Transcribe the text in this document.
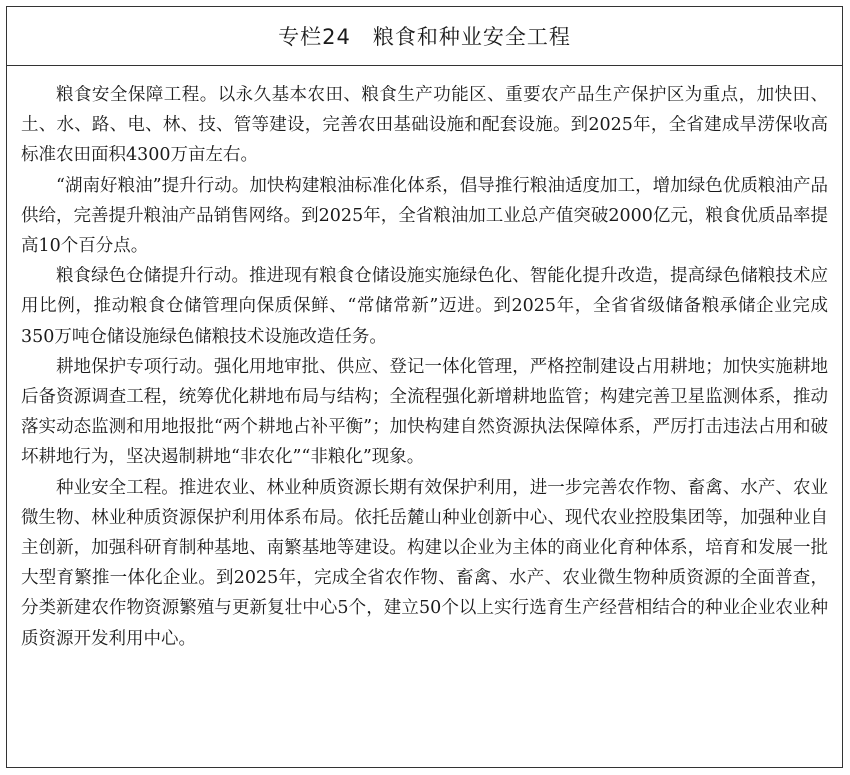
专栏24 粮食和种业安全工程

粮食安全保障工程。以永久基本农田、粮食生产功能区、重要农产品生产保护区为重点，加快田、土、水、路、电、林、技、管等建设，完善农田基础设施和配套设施。到2025年，全省建成旱涝保收高标准农田面积4300万亩左右。

“湖南好粮油”提升行动。加快构建粮油标准化体系，倡导推行粮油适度加工，增加绿色优质粮油产品供给，完善提升粮油产品销售网络。到2025年，全省粮油加工业总产值突破2000亿元，粮食优质品率提高10个百分点。

粮食绿色仓储提升行动。推进现有粮食仓储设施实施绿色化、智能化提升改造，提高绿色储粮技术应用比例，推动粮食仓储管理向保质保鲜、“常储常新”迈进。到2025年，全省省级储备粮承储企业完成350万吨仓储设施绿色储粮技术设施改造任务。

耕地保护专项行动。强化用地审批、供应、登记一体化管理，严格控制建设占用耕地；加快实施耕地后备资源调查工程，统筹优化耕地布局与结构；全流程强化新增耕地监管；构建完善卫星监测体系，推动落实动态监测和用地报批“两个耕地占补平衡”；加快构建自然资源执法保障体系，严厉打击违法占用和破坏耕地行为，坚决遏制耕地“非农化”“非粮化”现象。

种业安全工程。推进农业、林业种质资源长期有效保护利用，进一步完善农作物、畜禽、水产、农业微生物、林业种质资源保护利用体系布局。依托岳麓山种业创新中心、现代农业控股集团等，加强种业自主创新，加强科研育制种基地、南繁基地等建设。构建以企业为主体的商业化育种体系，培育和发展一批大型育繁推一体化企业。到2025年，完成全省农作物、畜禽、水产、农业微生物种质资源的全面普查，分类新建农作物资源繁殖与更新复壮中心5个，建立50个以上实行选育生产经营相结合的种业企业农业种质资源开发利用中心。
